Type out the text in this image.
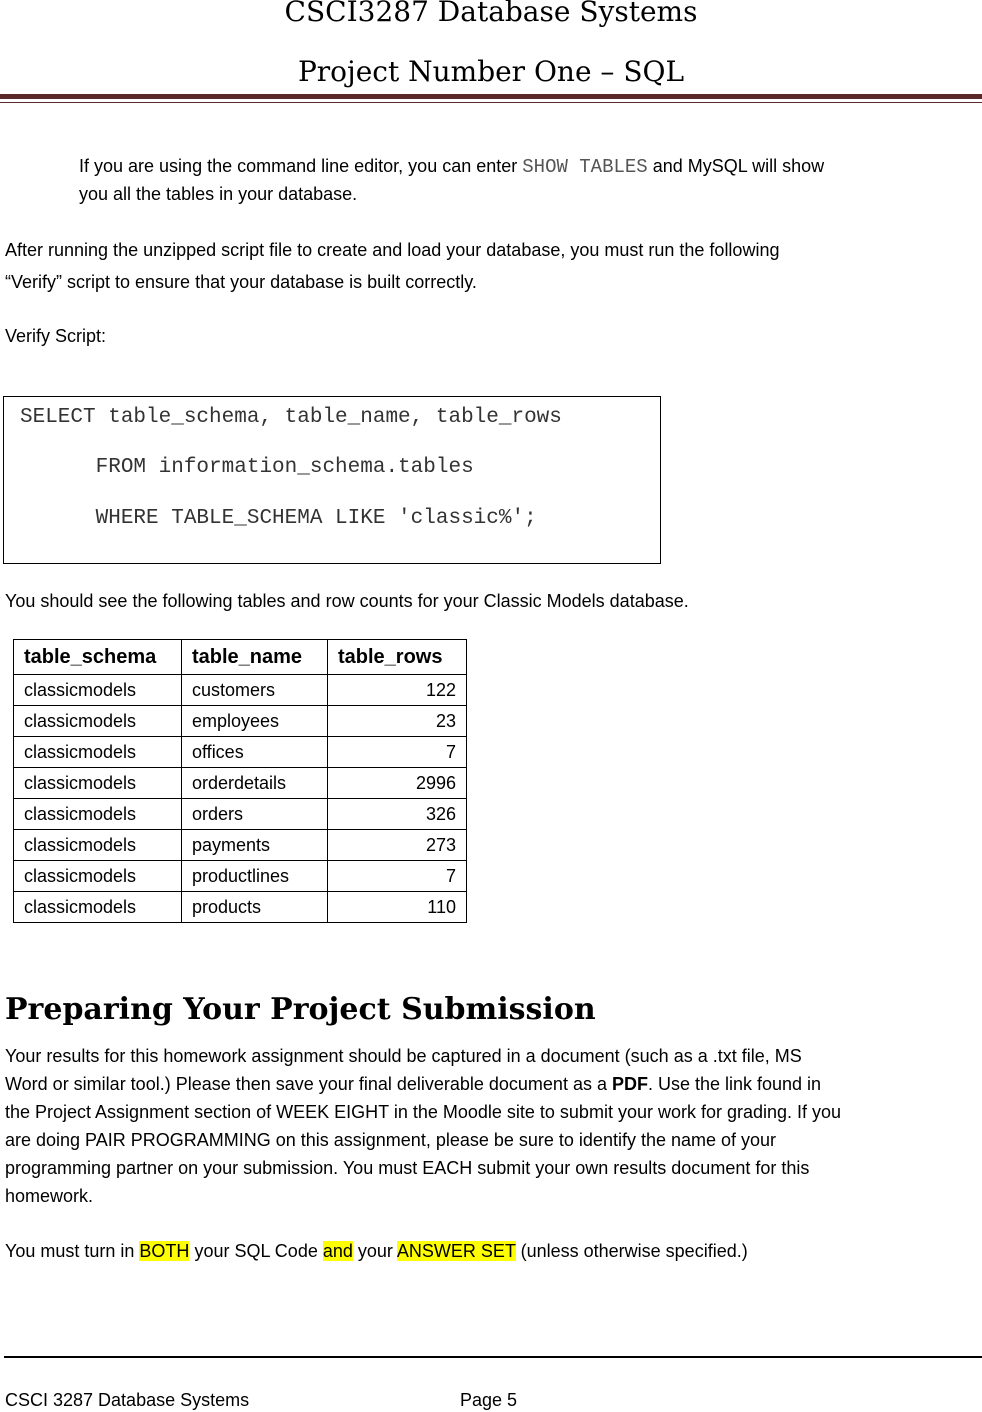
CSCI3287 Database Systems
Project Number One – SQL
If you are using the command line editor, you can enter SHOW TABLES and MySQL will show
you all the tables in your database.
After running the unzipped script file to create and load your database, you must run the following
“Verify” script to ensure that your database is built correctly.
Verify Script:
SELECT table_schema, table_name, table_rows
FROM information_schema.tables
WHERE TABLE_SCHEMA LIKE 'classic%';
You should see the following tables and row counts for your Classic Models database.
table_schema	table_name	table_rows
classicmodels	customers	122
classicmodels	employees	23
classicmodels	offices	7
classicmodels	orderdetails	2996
classicmodels	orders	326
classicmodels	payments	273
classicmodels	productlines	7
classicmodels	products	110
Preparing Your Project Submission
Your results for this homework assignment should be captured in a document (such as a .txt file, MS
Word or similar tool.) Please then save your final deliverable document as a PDF. Use the link found in
the Project Assignment section of WEEK EIGHT in the Moodle site to submit your work for grading. If you
are doing PAIR PROGRAMMING on this assignment, please be sure to identify the name of your
programming partner on your submission. You must EACH submit your own results document for this
homework.
You must turn in BOTH your SQL Code and your ANSWER SET (unless otherwise specified.)
CSCI 3287 Database Systems	Page 5
